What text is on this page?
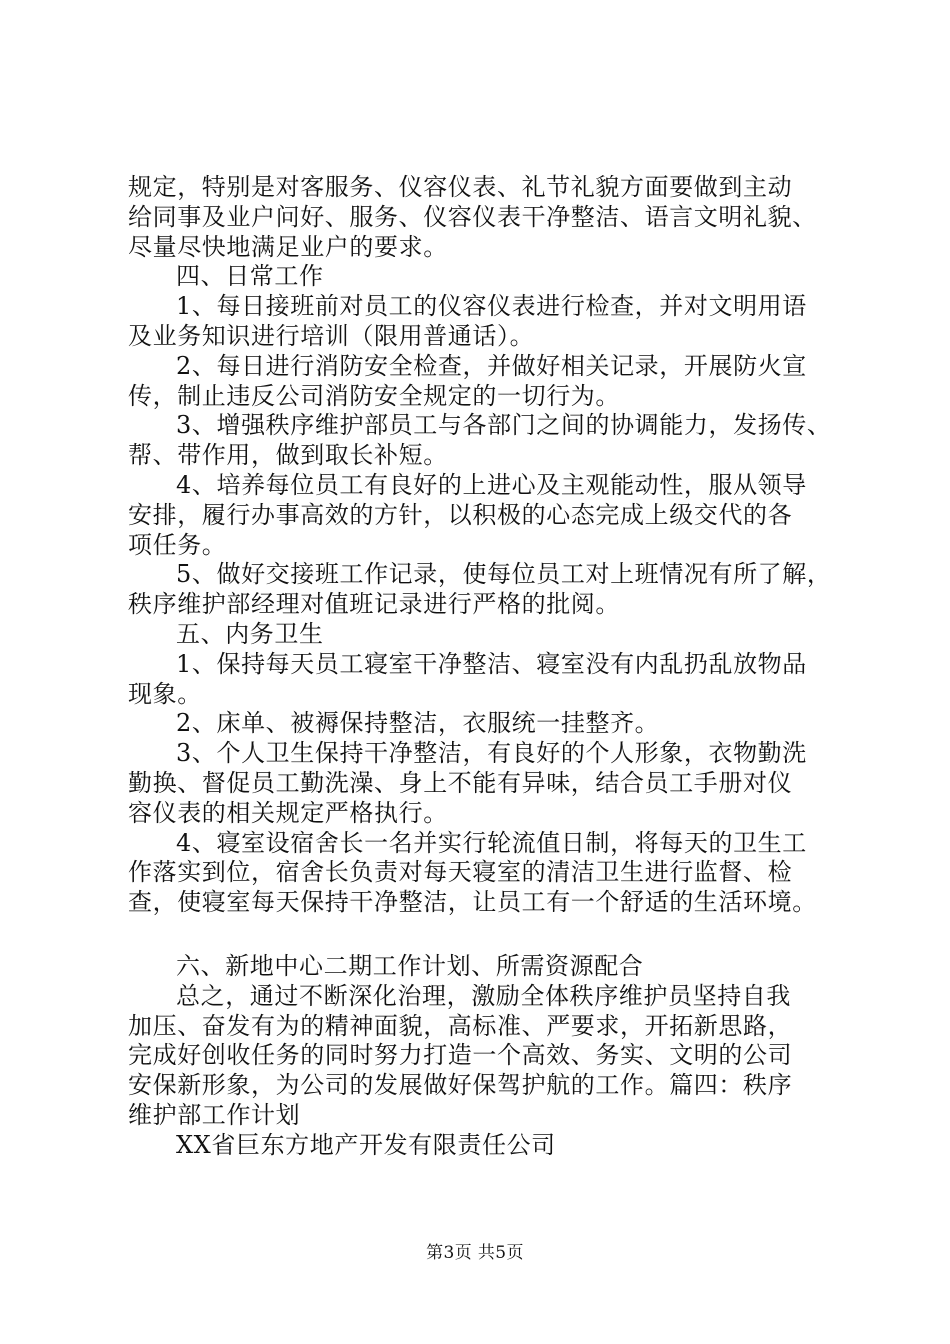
规定，特别是对客服务、仪容仪表、礼节礼貌方面要做到主动
给同事及业户问好、服务、仪容仪表干净整洁、语言文明礼貌、
尽量尽快地满足业户的要求。
四、日常工作
1、每日接班前对员工的仪容仪表进行检查，并对文明用语
及业务知识进行培训（限用普通话）。
2、每日进行消防安全检查，并做好相关记录，开展防火宣
传，制止违反公司消防安全规定的一切行为。
3、增强秩序维护部员工与各部门之间的协调能力，发扬传、
帮、带作用，做到取长补短。
4、培养每位员工有良好的上进心及主观能动性，服从领导
安排，履行办事高效的方针，以积极的心态完成上级交代的各
项任务。
5、做好交接班工作记录，使每位员工对上班情况有所了解，
秩序维护部经理对值班记录进行严格的批阅。
五、内务卫生
1、保持每天员工寝室干净整洁、寝室没有内乱扔乱放物品
现象。
2、床单、被褥保持整洁，衣服统一挂整齐。
3、个人卫生保持干净整洁，有良好的个人形象，衣物勤洗
勤换、督促员工勤洗澡、身上不能有异味，结合员工手册对仪
容仪表的相关规定严格执行。
4、寝室设宿舍长一名并实行轮流值日制，将每天的卫生工
作落实到位，宿舍长负责对每天寝室的清洁卫生进行监督、检
查，使寝室每天保持干净整洁，让员工有一个舒适的生活环境。
六、新地中心二期工作计划、所需资源配合
总之，通过不断深化治理，激励全体秩序维护员坚持自我
加压、奋发有为的精神面貌，高标准、严要求，开拓新思路，
完成好创收任务的同时努力打造一个高效、务实、文明的公司
安保新形象，为公司的发展做好保驾护航的工作。篇四：秩序
维护部工作计划
XX省巨东方地产开发有限责任公司
第3页 共5页
